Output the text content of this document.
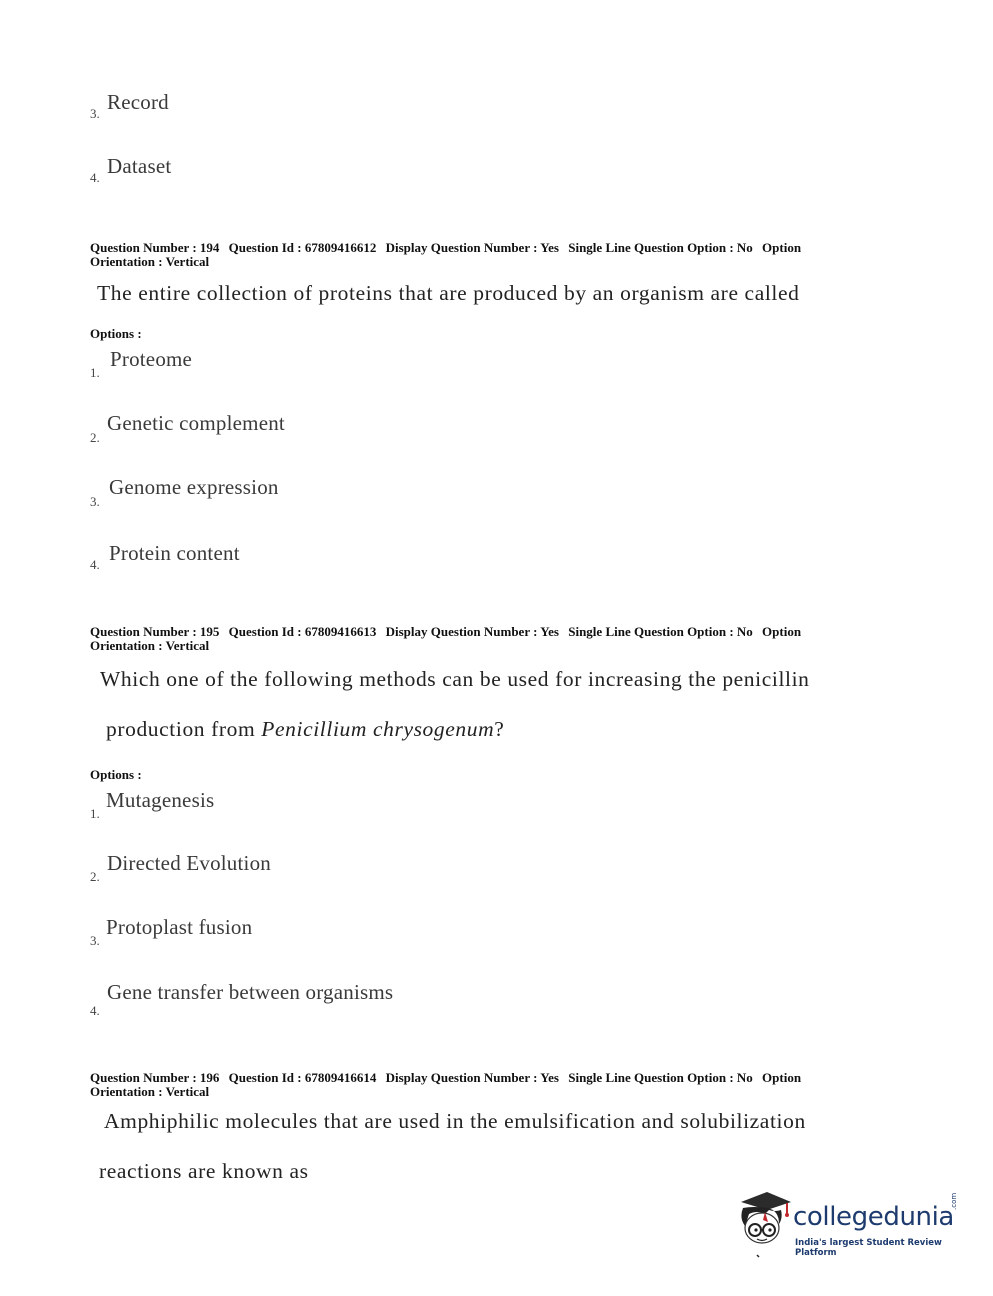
3. Record
4. Dataset
Question Number : 194 Question Id : 67809416612 Display Question Number : Yes Single Line Question Option : No Option
Orientation : Vertical
The entire collection of proteins that are produced by an organism are called
Options :
1.
Proteome
2.
Genetic complement
3.
Genome expression
4. Protein content
Question Number : 195 Question Id : 67809416613 Display Question Number : Yes Single Line Question Option : No Option
Orientation : Vertical
Which one of the following methods can be used for increasing the penicillin
production from Penicillium chrysogenum?
Options :
1.
Mutagenesis
2.
Directed Evolution
3.
Protoplast fusion
4.
Gene transfer between organisms
Question Number : 196 Question Id : 67809416614 Display Question Number : Yes Single Line Question Option : No Option
Orientation : Vertical
Amphiphilic molecules that are used in the emulsification and solubilization
reactions are known as
collegedunia
.com
India's largest Student Review Platform
